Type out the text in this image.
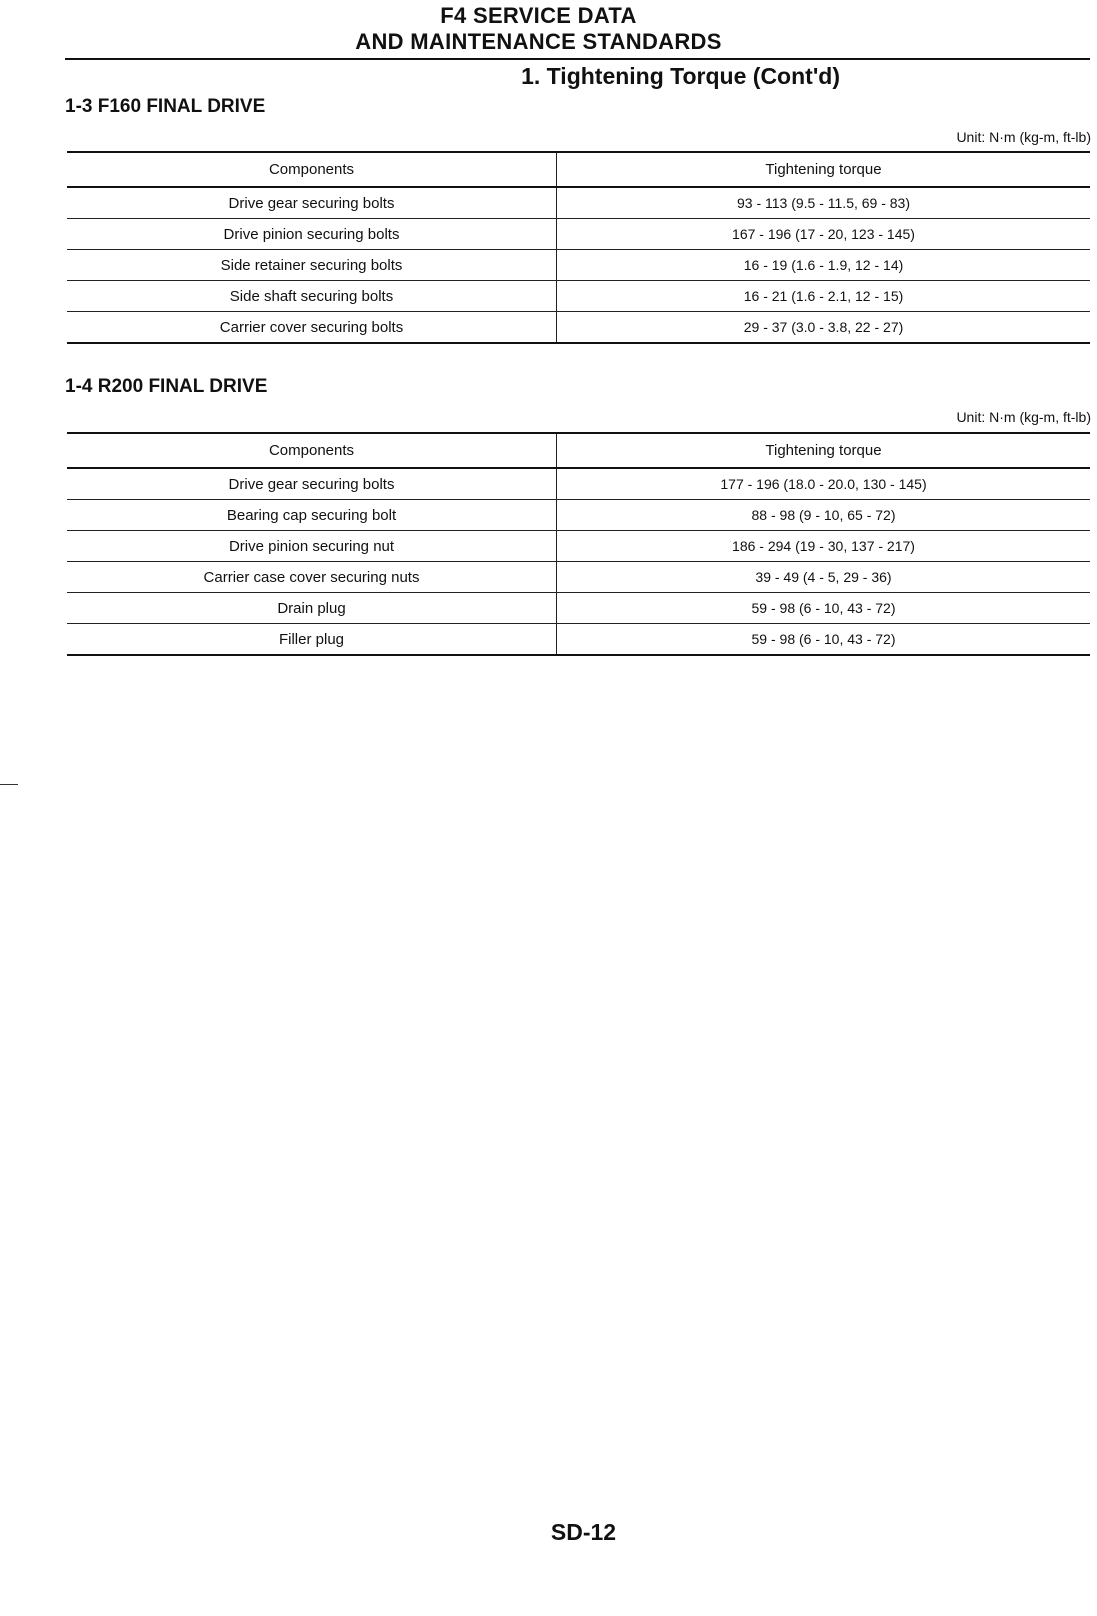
F4 SERVICE DATA
AND MAINTENANCE STANDARDS
1. Tightening Torque (Cont'd)
1-3 F160 FINAL DRIVE
Unit: N·m (kg-m, ft-lb)
Components	Tightening torque
Drive gear securing bolts	93 - 113 (9.5 - 11.5, 69 - 83)
Drive pinion securing bolts	167 - 196 (17 - 20, 123 - 145)
Side retainer securing bolts	16 - 19 (1.6 - 1.9, 12 - 14)
Side shaft securing bolts	16 - 21 (1.6 - 2.1, 12 - 15)
Carrier cover securing bolts	29 - 37 (3.0 - 3.8, 22 - 27)
1-4 R200 FINAL DRIVE
Unit: N·m (kg-m, ft-lb)
Components	Tightening torque
Drive gear securing bolts	177 - 196 (18.0 - 20.0, 130 - 145)
Bearing cap securing bolt	88 - 98 (9 - 10, 65 - 72)
Drive pinion securing nut	186 - 294 (19 - 30, 137 - 217)
Carrier case cover securing nuts	39 - 49 (4 - 5, 29 - 36)
Drain plug	59 - 98 (6 - 10, 43 - 72)
Filler plug	59 - 98 (6 - 10, 43 - 72)
SD-12
